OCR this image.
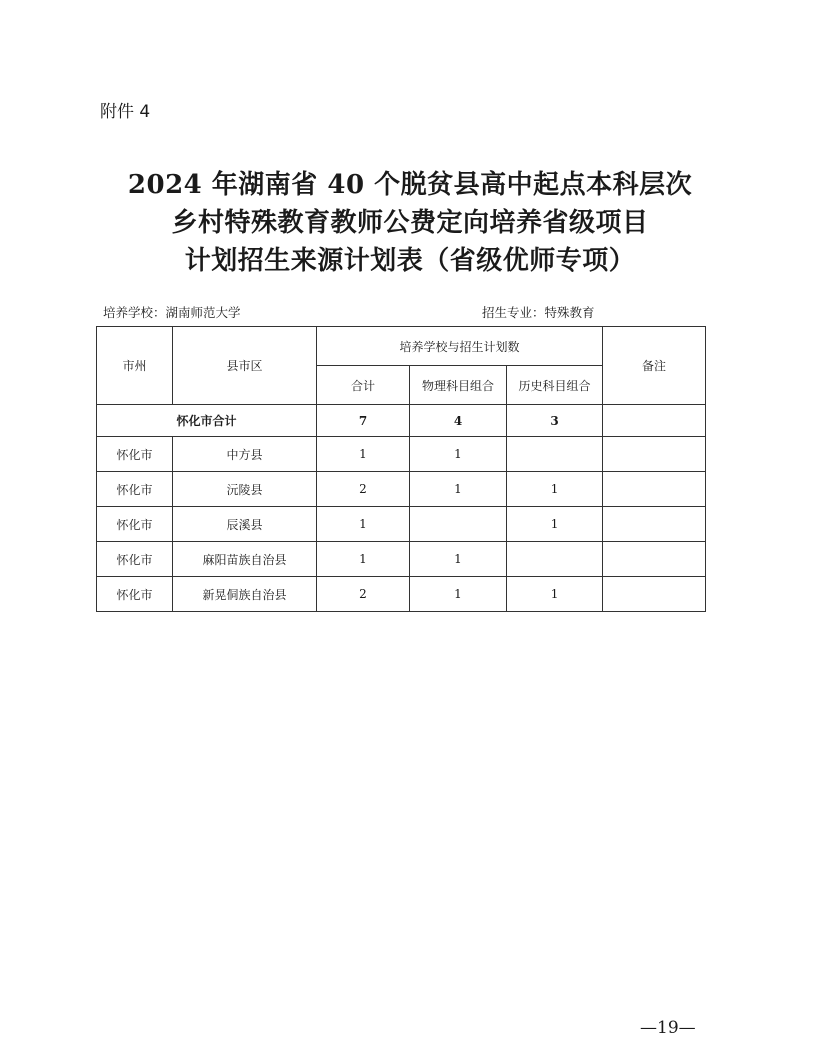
附件 4
2024 年湖南省 40 个脱贫县高中起点本科层次
乡村特殊教育教师公费定向培养省级项目
计划招生来源计划表（省级优师专项）
培养学校：湖南师范大学	招生专业：特殊教育
市州	县市区	培养学校与招生计划数			备注
		合计	物理科目组合	历史科目组合	
怀化市合计		7	4	3	
怀化市	中方县	1	1		
怀化市	沅陵县	2	1	1	
怀化市	辰溪县	1		1	
怀化市	麻阳苗族自治县	1	1		
怀化市	新晃侗族自治县	2	1	1	
—19—
